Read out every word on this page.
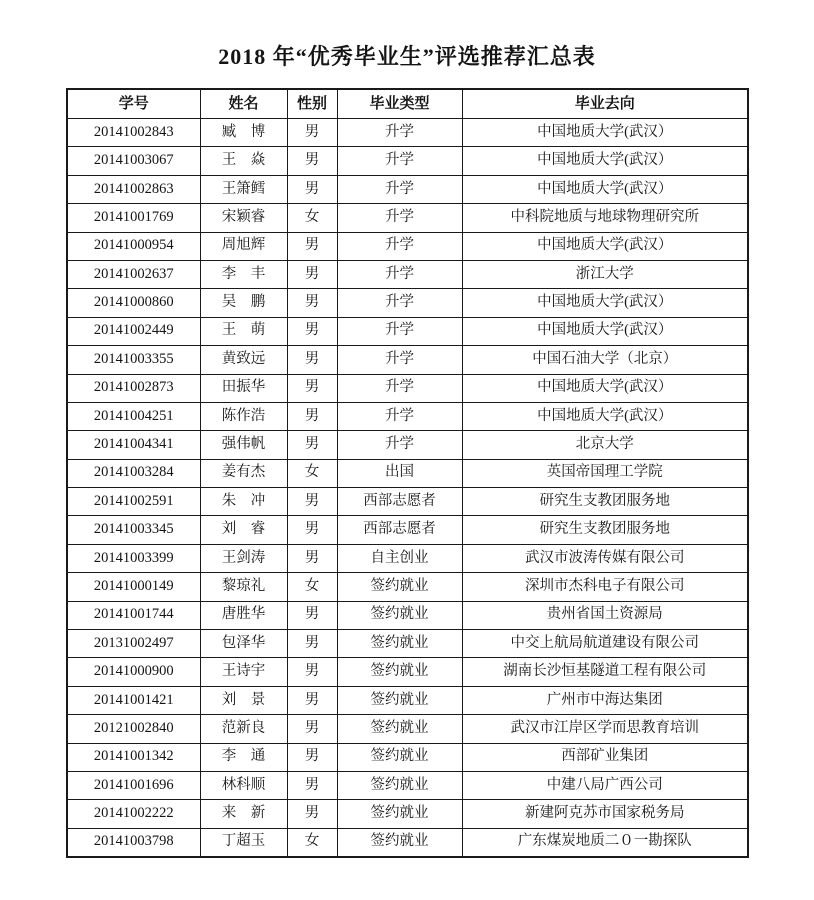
2018 年“优秀毕业生”评选推荐汇总表
学号	姓名	性别	毕业类型	毕业去向
20141002843	臧　博	男	升学	中国地质大学(武汉）
20141003067	王　焱	男	升学	中国地质大学(武汉）
20141002863	王箫鳕	男	升学	中国地质大学(武汉）
20141001769	宋颖睿	女	升学	中科院地质与地球物理研究所
20141000954	周旭辉	男	升学	中国地质大学(武汉）
20141002637	李　丰	男	升学	浙江大学
20141000860	吴　鹏	男	升学	中国地质大学(武汉）
20141002449	王　萌	男	升学	中国地质大学(武汉）
20141003355	黄致远	男	升学	中国石油大学（北京）
20141002873	田振华	男	升学	中国地质大学(武汉）
20141004251	陈作浩	男	升学	中国地质大学(武汉）
20141004341	强伟帆	男	升学	北京大学
20141003284	姜有杰	女	出国	英国帝国理工学院
20141002591	朱　冲	男	西部志愿者	研究生支教团服务地
20141003345	刘　睿	男	西部志愿者	研究生支教团服务地
20141003399	王剑涛	男	自主创业	武汉市波涛传媒有限公司
20141000149	黎琼礼	女	签约就业	深圳市杰科电子有限公司
20141001744	唐胜华	男	签约就业	贵州省国土资源局
20131002497	包泽华	男	签约就业	中交上航局航道建设有限公司
20141000900	王诗宇	男	签约就业	湖南长沙恒基隧道工程有限公司
20141001421	刘　景	男	签约就业	广州市中海达集团
20121002840	范新良	男	签约就业	武汉市江岸区学而思教育培训
20141001342	李　通	男	签约就业	西部矿业集团
20141001696	林科顺	男	签约就业	中建八局广西公司
20141002222	来　新	男	签约就业	新建阿克苏市国家税务局
20141003798	丁超玉	女	签约就业	广东煤炭地质二０一勘探队
